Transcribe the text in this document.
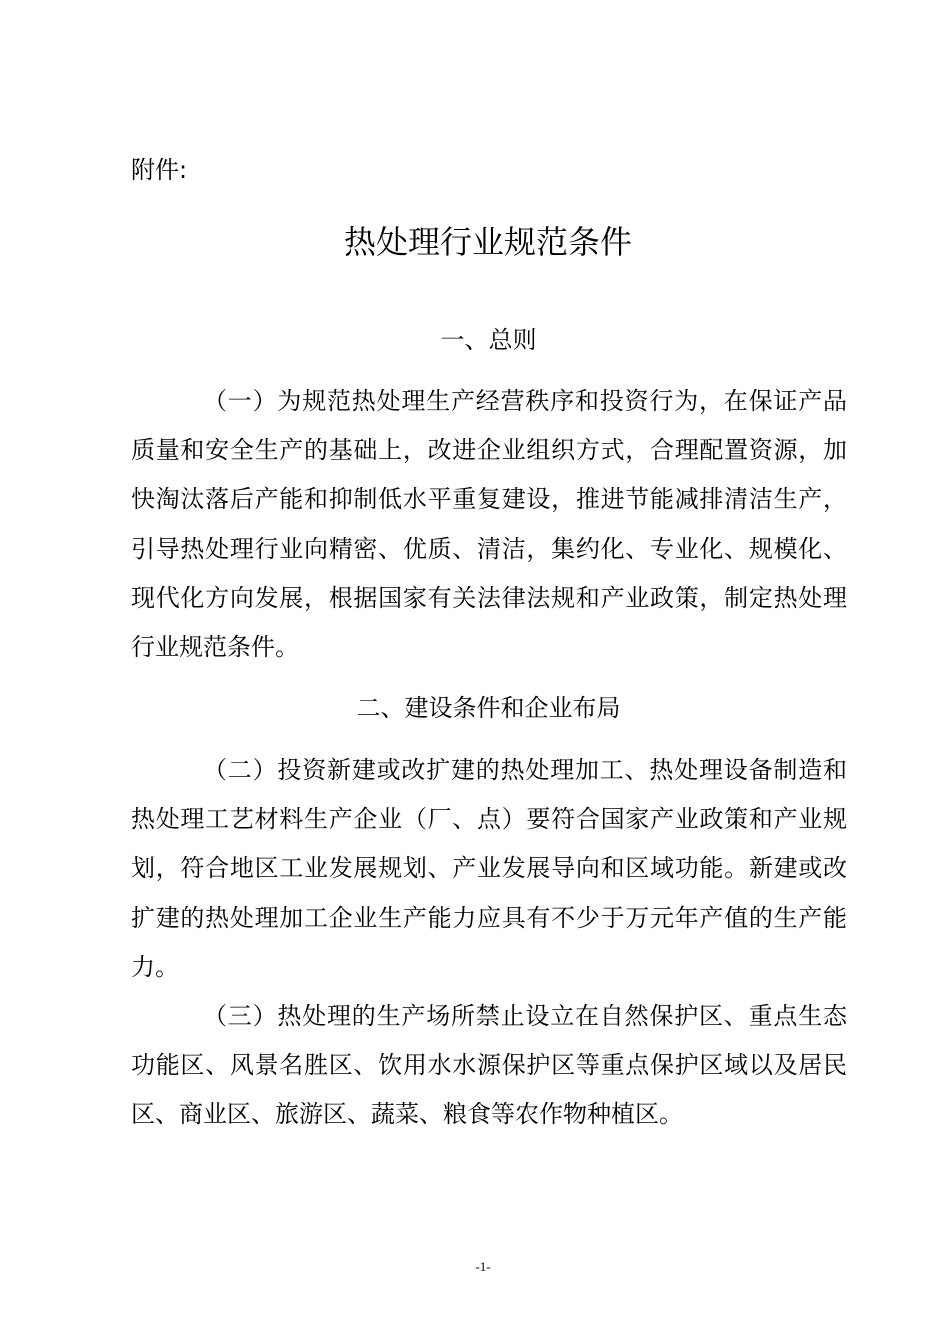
附件:
热处理行业规范条件
一、总则

（一）为规范热处理生产经营秩序和投资行为，在保证产品质量和安全生产的基础上，改进企业组织方式，合理配置资源，加快淘汰落后产能和抑制低水平重复建设，推进节能减排清洁生产，引导热处理行业向精密、优质、清洁，集约化、专业化、规模化、现代化方向发展，根据国家有关法律法规和产业政策，制定热处理行业规范条件。

二、建设条件和企业布局

（二）投资新建或改扩建的热处理加工、热处理设备制造和热处理工艺材料生产企业（厂、点）要符合国家产业政策和产业规划，符合地区工业发展规划、产业发展导向和区域功能。新建或改扩建的热处理加工企业生产能力应具有不少于万元年产值的生产能力。

（三）热处理的生产场所禁止设立在自然保护区、重点生态功能区、风景名胜区、饮用水水源保护区等重点保护区域以及居民区、商业区、旅游区、蔬菜、粮食等农作物种植区。

-1-
